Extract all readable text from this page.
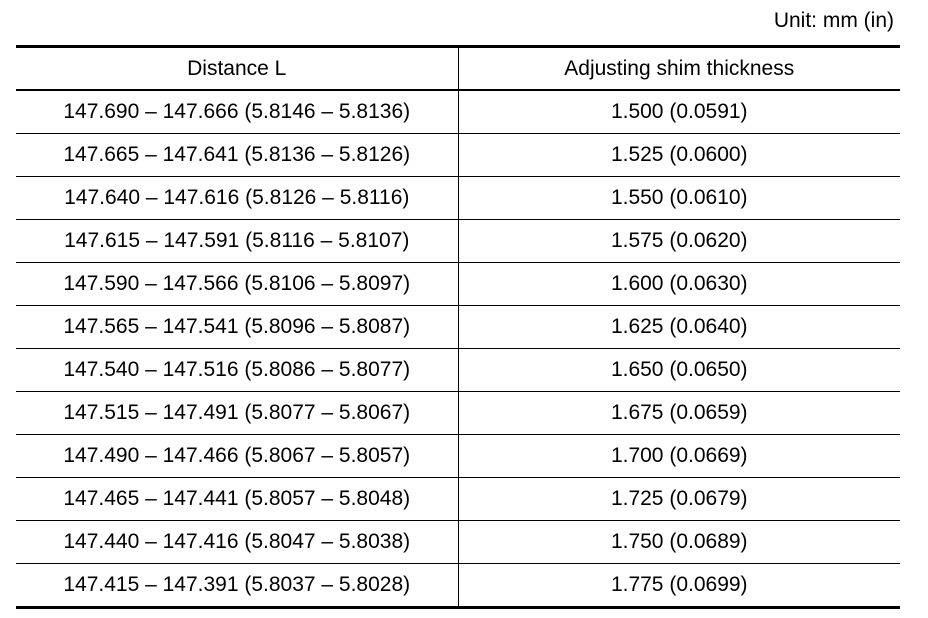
Unit: mm (in)
Distance L	Adjusting shim thickness
147.690 – 147.666 (5.8146 – 5.8136)	1.500 (0.0591)
147.665 – 147.641 (5.8136 – 5.8126)	1.525 (0.0600)
147.640 – 147.616 (5.8126 – 5.8116)	1.550 (0.0610)
147.615 – 147.591 (5.8116 – 5.8107)	1.575 (0.0620)
147.590 – 147.566 (5.8106 – 5.8097)	1.600 (0.0630)
147.565 – 147.541 (5.8096 – 5.8087)	1.625 (0.0640)
147.540 – 147.516 (5.8086 – 5.8077)	1.650 (0.0650)
147.515 – 147.491 (5.8077 – 5.8067)	1.675 (0.0659)
147.490 – 147.466 (5.8067 – 5.8057)	1.700 (0.0669)
147.465 – 147.441 (5.8057 – 5.8048)	1.725 (0.0679)
147.440 – 147.416 (5.8047 – 5.8038)	1.750 (0.0689)
147.415 – 147.391 (5.8037 – 5.8028)	1.775 (0.0699)
